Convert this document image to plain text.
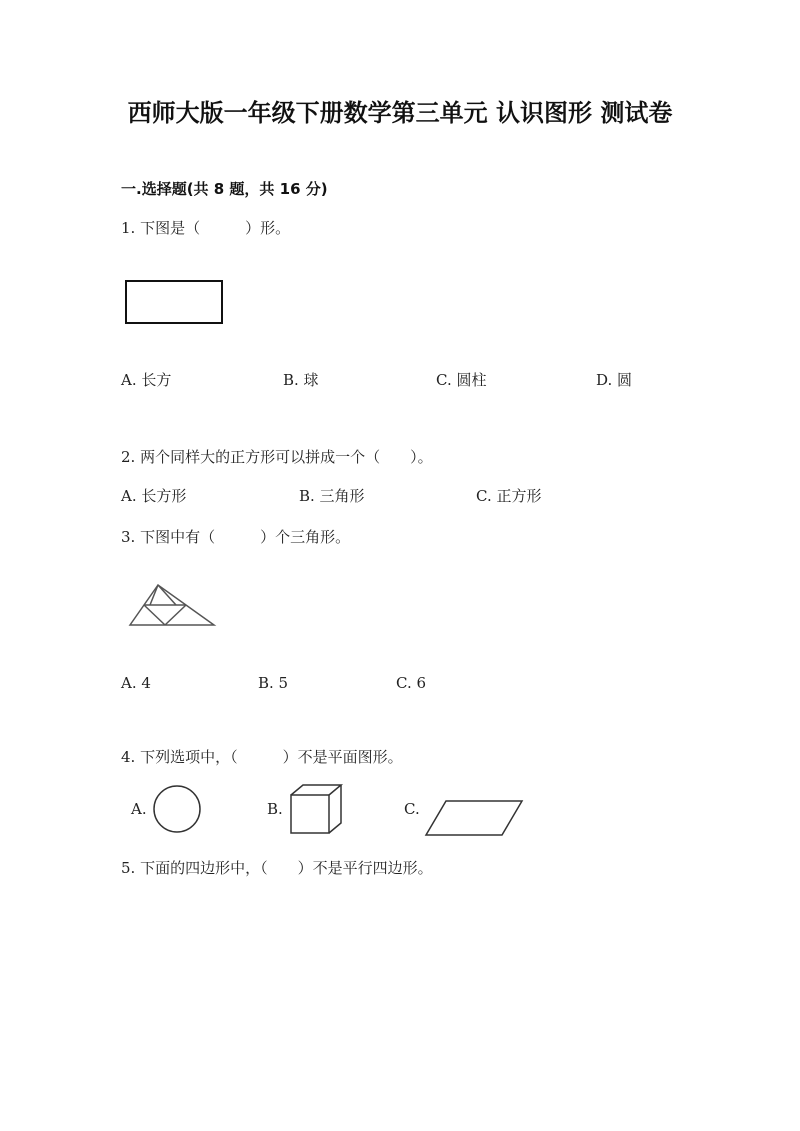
西师大版一年级下册数学第三单元 认识图形 测试卷
一.选择题(共 8 题，共 16 分)
1. 下图是（　　　）形。
A. 长方	B. 球	C. 圆柱	D. 圆
2. 两个同样大的正方形可以拼成一个（　　）。
A. 长方形	B. 三角形	C. 正方形
3. 下图中有（　　　）个三角形。
A. 4	B. 5	C. 6
4. 下列选项中，（　　　）不是平面图形。
A.	B.	C.
5. 下面的四边形中，（　　）不是平行四边形。
